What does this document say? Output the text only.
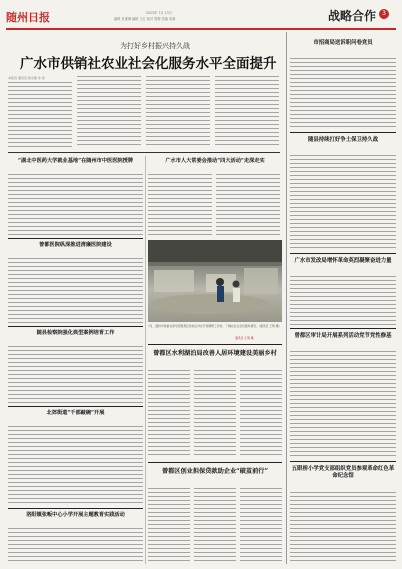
随州日报	2023年 7月 13日
编辑 肖惠琳 编辑 王红 校对 胡俊 美编 周蓉	战略合作	3
为打好乡村振兴持久战
广水市供销社农业社会化服务水平全面提升
本报讯 通讯员 周永刚 李 韧
“湖北中医药大学就业基地”在随州市中医医院授牌
曾都医院纵深推进清廉医院建设
随县检察院强化典型案例培育工作
北郊街道“千部敲碗”开展
洛阳镇张畈中心小学开展主题教育实践活动
广水市人大常委会推动“四大活动”走深走实
7月，随州市供销社领导到曾都区供销合作社开展调研工作时，了解农业社会化服务情况。(通讯员 王明 摄)
通讯员 王明 摄
曾都区水利湖泊局改善人居环境建设美丽乡村
曾都区创业担保贷款助企业“破茧前行”
市招商局送诉职问卷竞员
随县持续打好争土保卫持久战
广水市发改局增怀革命英烈凝聚奋进力量
曾都区审计局开展系列活动党节党性修基
五眼桥小学党支部组织党员参观革命红色革命纪念馆
